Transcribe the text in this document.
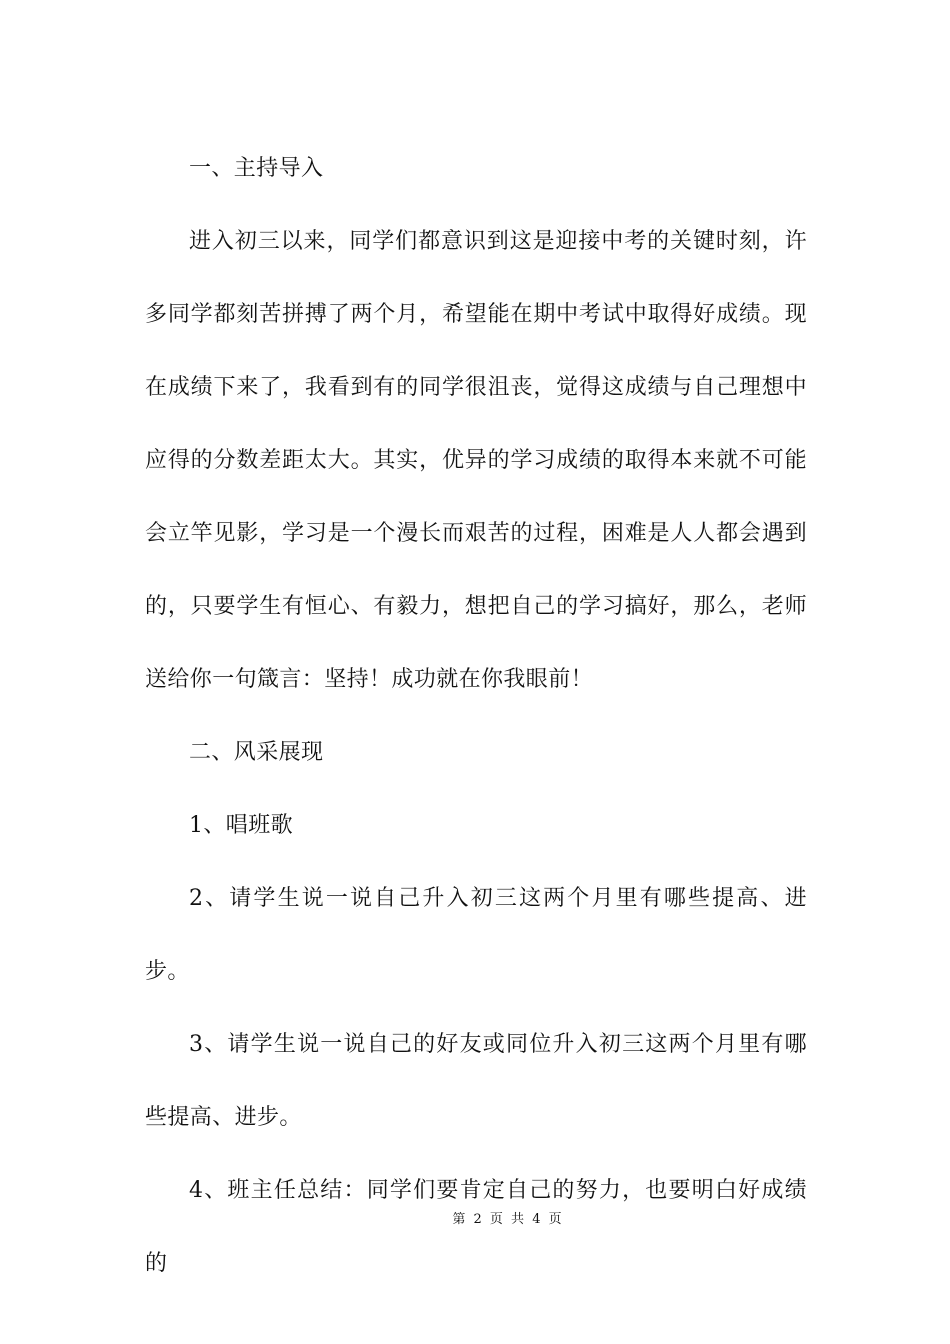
一、主持导入

进入初三以来，同学们都意识到这是迎接中考的关键时刻，许多同学都刻苦拼搏了两个月，希望能在期中考试中取得好成绩。现在成绩下来了，我看到有的同学很沮丧，觉得这成绩与自己理想中应得的分数差距太大。其实，优异的学习成绩的取得本来就不可能会立竿见影，学习是一个漫长而艰苦的过程，困难是人人都会遇到的，只要学生有恒心、有毅力，想把自己的学习搞好，那么，老师送给你一句箴言：坚持！成功就在你我眼前！

二、风采展现

1、唱班歌

2、请学生说一说自己升入初三这两个月里有哪些提高、进步。

3、请学生说一说自己的好友或同位升入初三这两个月里有哪些提高、进步。

4、班主任总结：同学们要肯定自己的努力，也要明白好成绩的

第 2 页 共 4 页
